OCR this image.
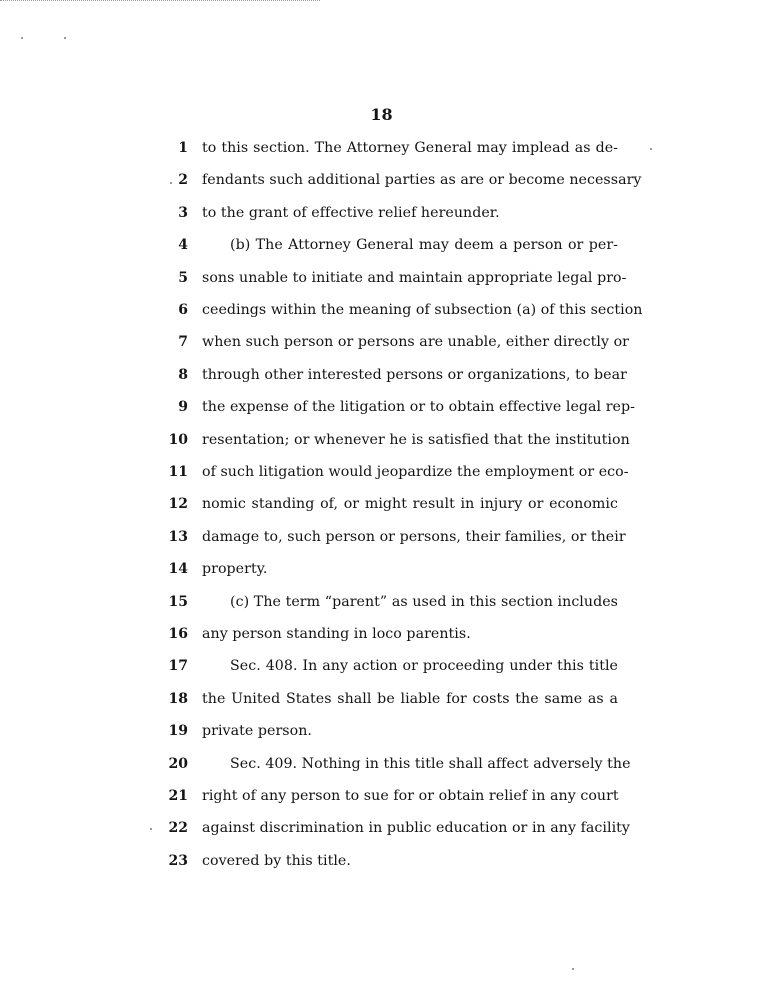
18
1 to this section. The Attorney General may implead as de-
2 fendants such additional parties as are or become necessary
3 to the grant of effective relief hereunder.
4	(b) The Attorney General may deem a person or per-
5 sons unable to initiate and maintain appropriate legal pro-
6 ceedings within the meaning of subsection (a) of this section
7 when such person or persons are unable, either directly or
8 through other interested persons or organizations, to bear
9 the expense of the litigation or to obtain effective legal rep-
10 resentation; or whenever he is satisfied that the institution
11 of such litigation would jeopardize the employment or eco-
12 nomic standing of, or might result in injury or economic
13 damage to, such person or persons, their families, or their
14 property.
15	(c) The term “parent” as used in this section includes
16 any person standing in loco parentis.
17	Sec. 408. In any action or proceeding under this title
18 the United States shall be liable for costs the same as a
19 private person.
20	Sec. 409. Nothing in this title shall affect adversely the
21 right of any person to sue for or obtain relief in any court
22 against discrimination in public education or in any facility
23 covered by this title.
